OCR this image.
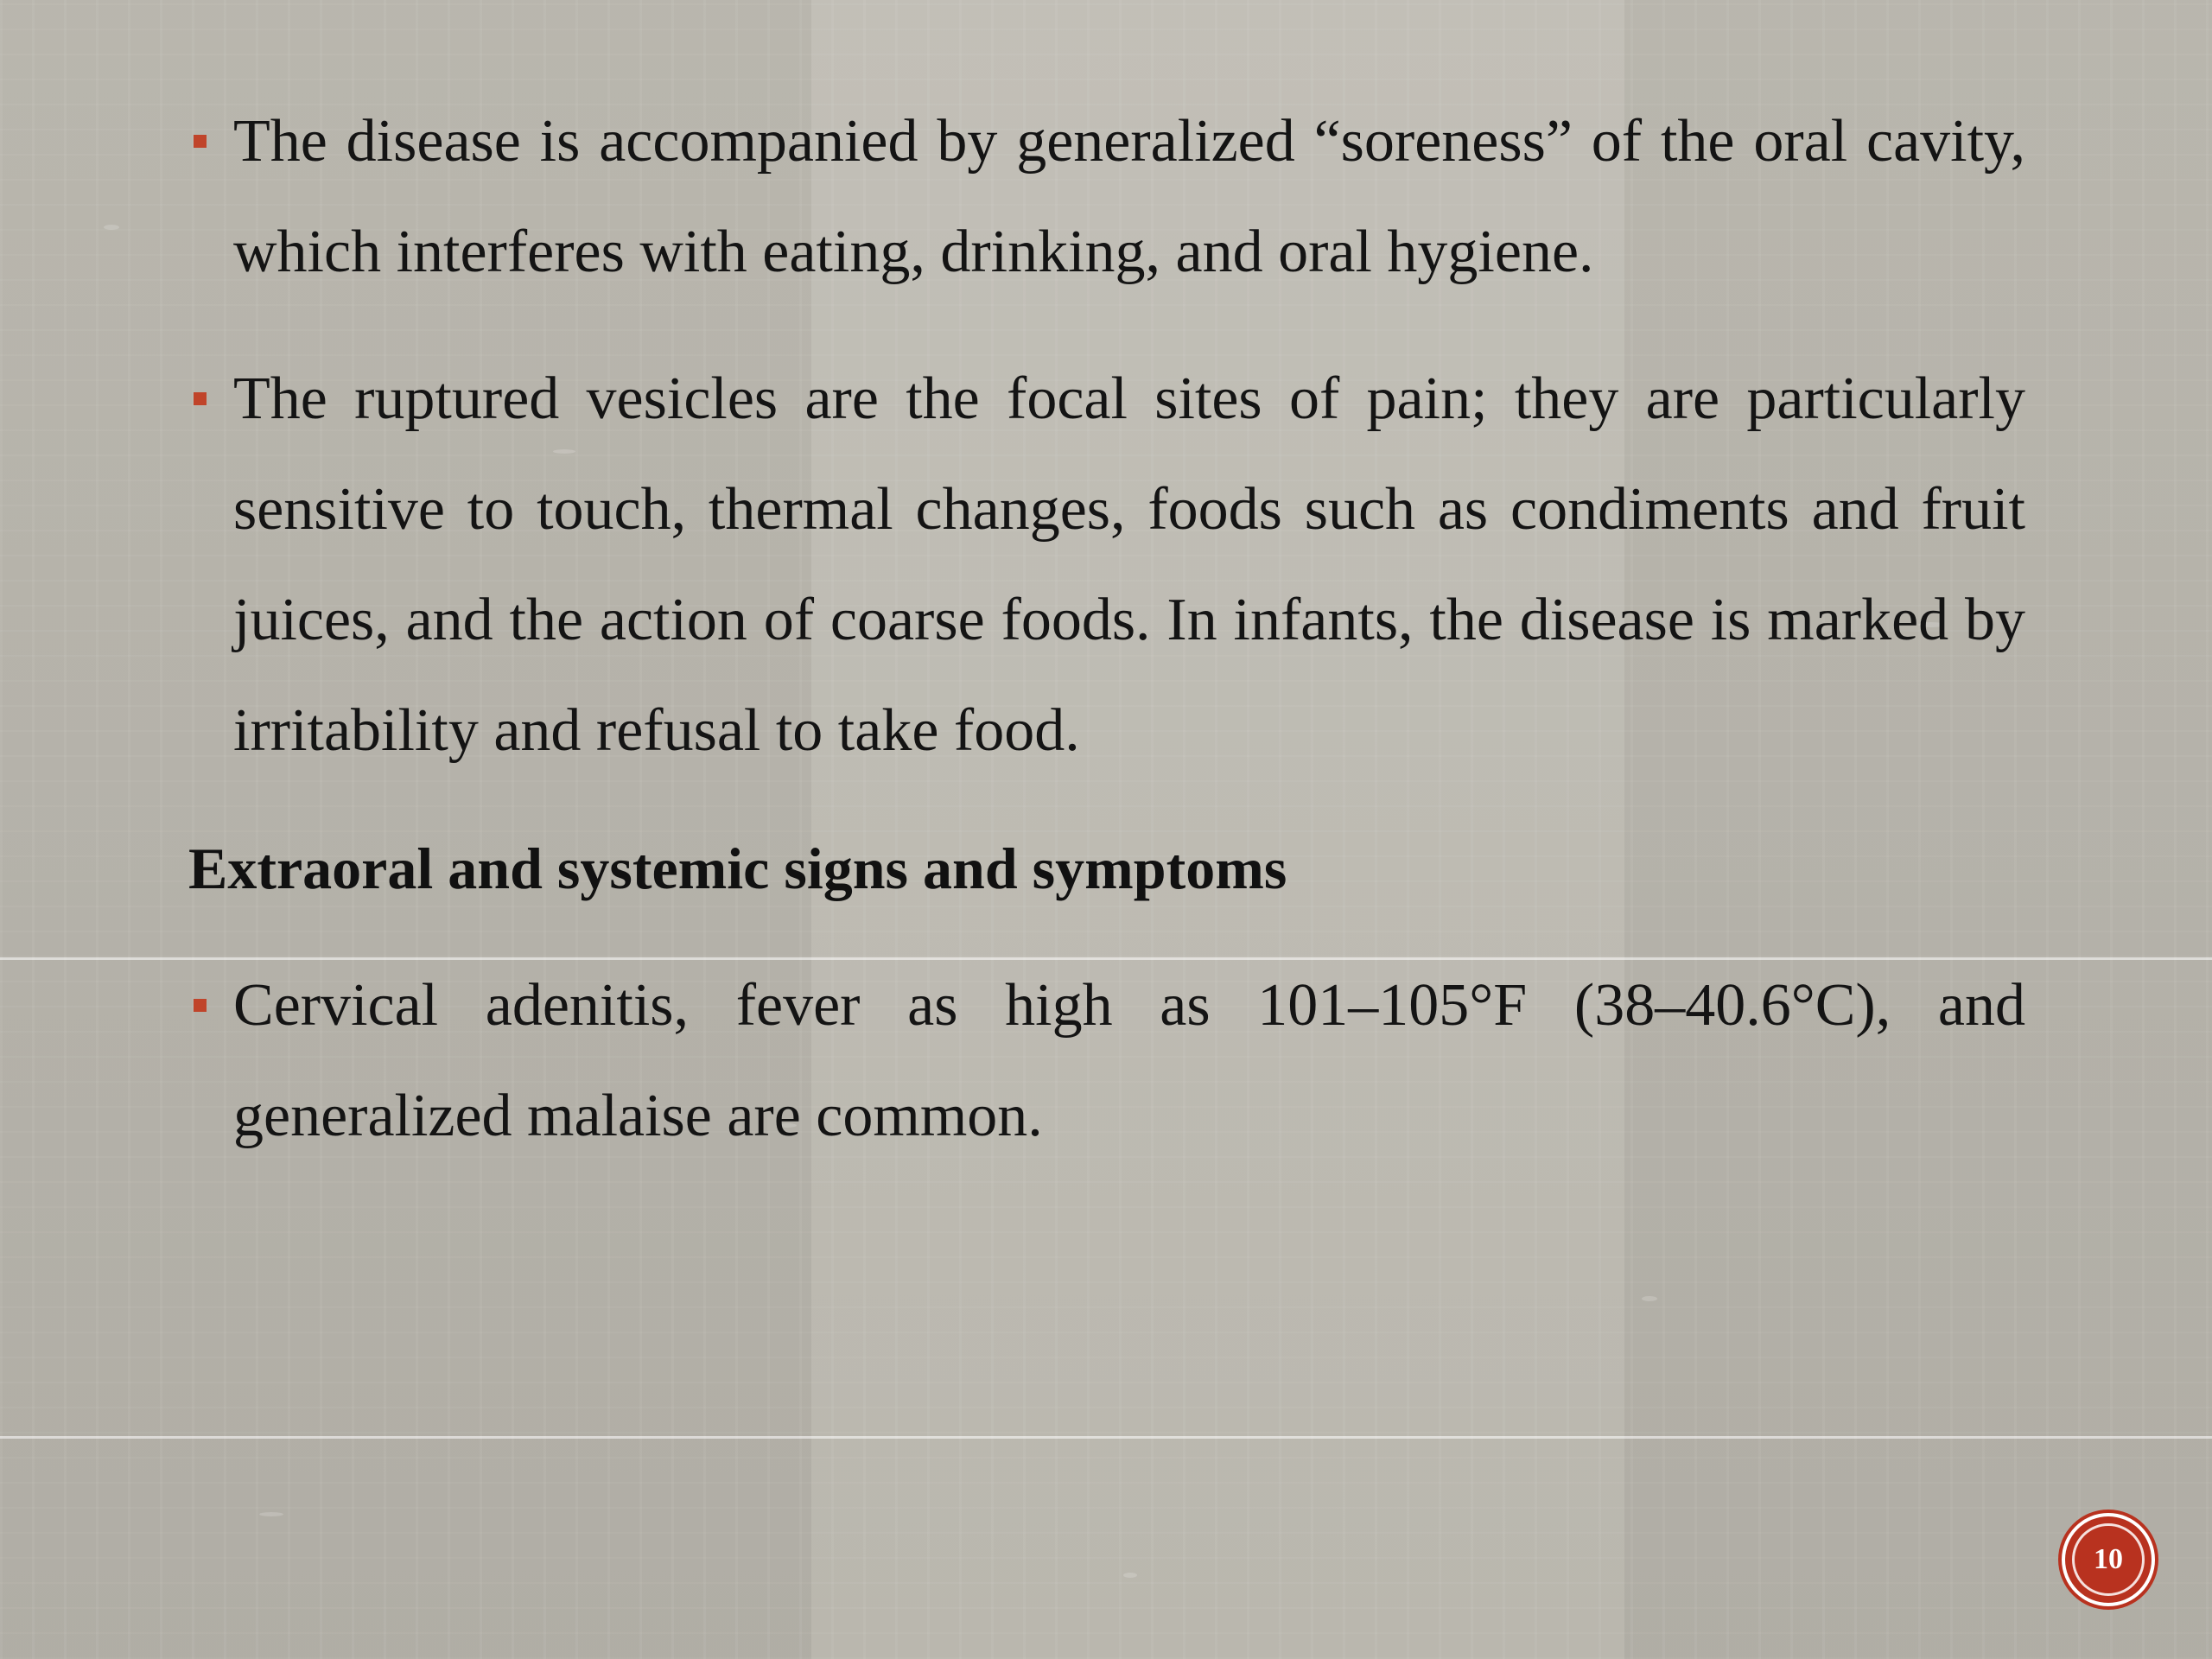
The disease is accompanied by generalized “soreness” of the oral cavity, which interferes with eating, drinking, and oral hygiene.

The ruptured vesicles are the focal sites of pain; they are particularly sensitive to touch, thermal changes, foods such as condiments and fruit juices, and the action of coarse foods. In infants, the disease is marked by irritability and refusal to take food.

Extraoral and systemic signs and symptoms

Cervical adenitis, fever as high as 101–105°F (38–40.6°C), and generalized malaise are common.

10
